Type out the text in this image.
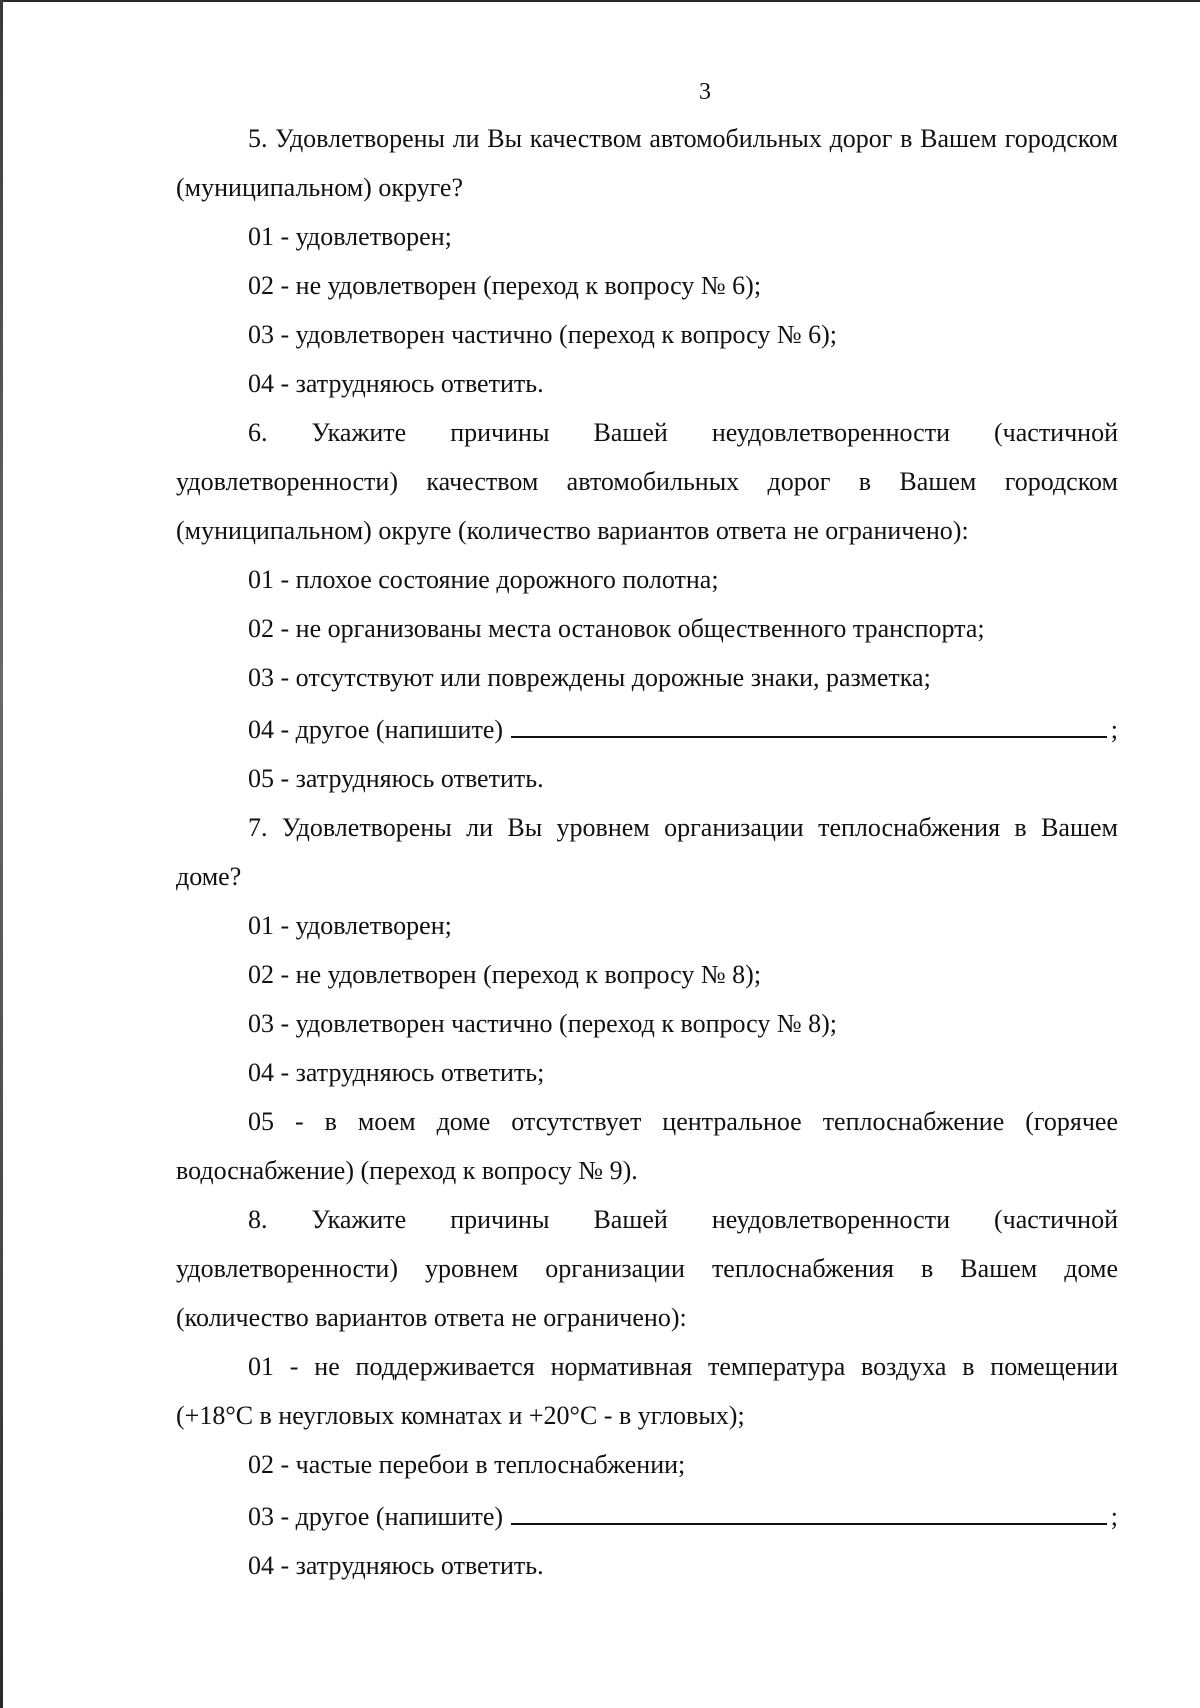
3

5. Удовлетворены ли Вы качеством автомобильных дорог в Вашем городском (муниципальном) округе?

01 - удовлетворен;

02 - не удовлетворен (переход к вопросу № 6);

03 - удовлетворен частично (переход к вопросу № 6);

04 - затрудняюсь ответить.

6. Укажите причины Вашей неудовлетворенности (частичной удовлетворенности) качеством автомобильных дорог в Вашем городском (муниципальном) округе (количество вариантов ответа не ограничено):

01 - плохое состояние дорожного полотна;

02 - не организованы места остановок общественного транспорта;

03 - отсутствуют или повреждены дорожные знаки, разметка;

04 - другое (напишите)	;

05 - затрудняюсь ответить.

7. Удовлетворены ли Вы уровнем организации теплоснабжения в Вашем доме?

01 - удовлетворен;

02 - не удовлетворен (переход к вопросу № 8);

03 - удовлетворен частично (переход к вопросу № 8);

04 - затрудняюсь ответить;

05 - в моем доме отсутствует центральное теплоснабжение (горячее водоснабжение) (переход к вопросу № 9).

8. Укажите причины Вашей неудовлетворенности (частичной удовлетворенности) уровнем организации теплоснабжения в Вашем доме (количество вариантов ответа не ограничено):

01 - не поддерживается нормативная температура воздуха в помещении (+18°С в неугловых комнатах и +20°С - в угловых);

02 - частые перебои в теплоснабжении;

03 - другое (напишите)	;

04 - затрудняюсь ответить.
